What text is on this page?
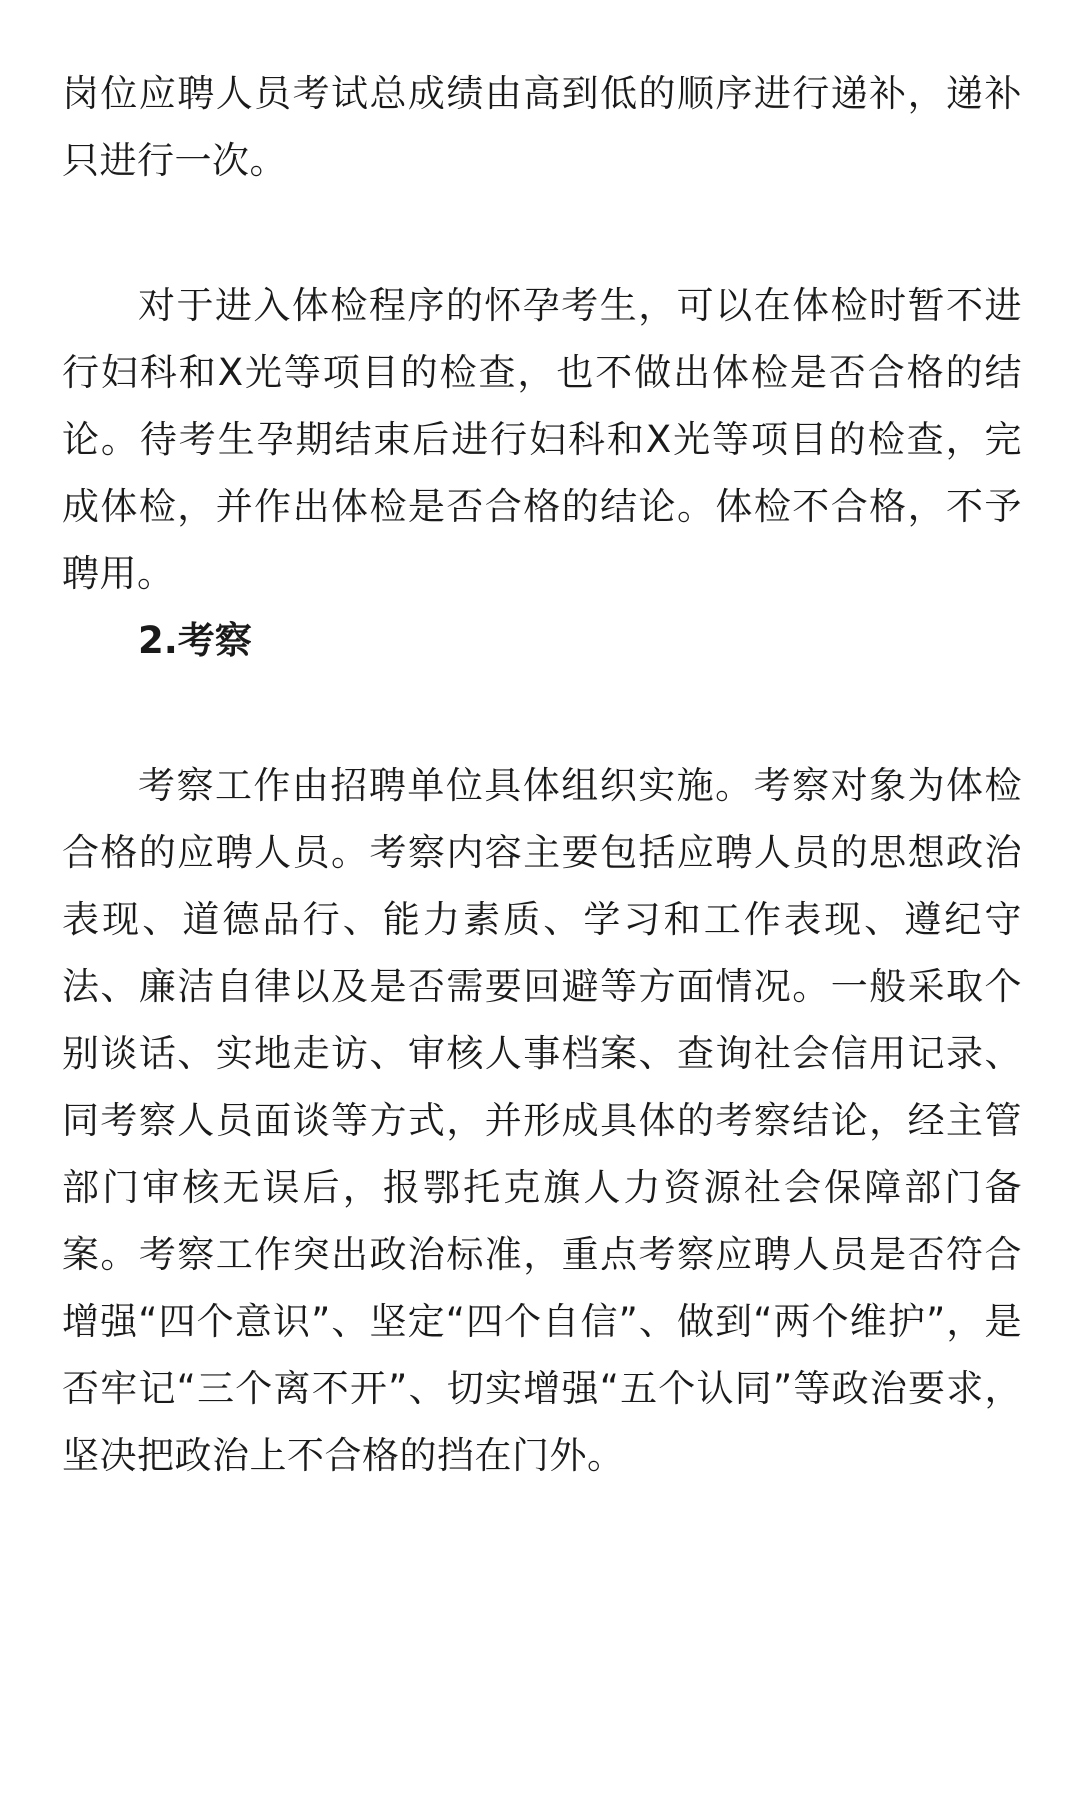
岗位应聘人员考试总成绩由高到低的顺序进行递补，递补只进行一次。

对于进入体检程序的怀孕考生，可以在体检时暂不进行妇科和X光等项目的检查，也不做出体检是否合格的结论。待考生孕期结束后进行妇科和X光等项目的检查，完成体检，并作出体检是否合格的结论。体检不合格，不予聘用。

2.考察

考察工作由招聘单位具体组织实施。考察对象为体检合格的应聘人员。考察内容主要包括应聘人员的思想政治表现、道德品行、能力素质、学习和工作表现、遵纪守法、廉洁自律以及是否需要回避等方面情况。一般采取个别谈话、实地走访、审核人事档案、查询社会信用记录、同考察人员面谈等方式，并形成具体的考察结论，经主管部门审核无误后，报鄂托克旗人力资源社会保障部门备案。考察工作突出政治标准，重点考察应聘人员是否符合增强“四个意识”、坚定“四个自信”、做到“两个维护”，是否牢记“三个离不开”、切实增强“五个认同”等政治要求，坚决把政治上不合格的挡在门外。
